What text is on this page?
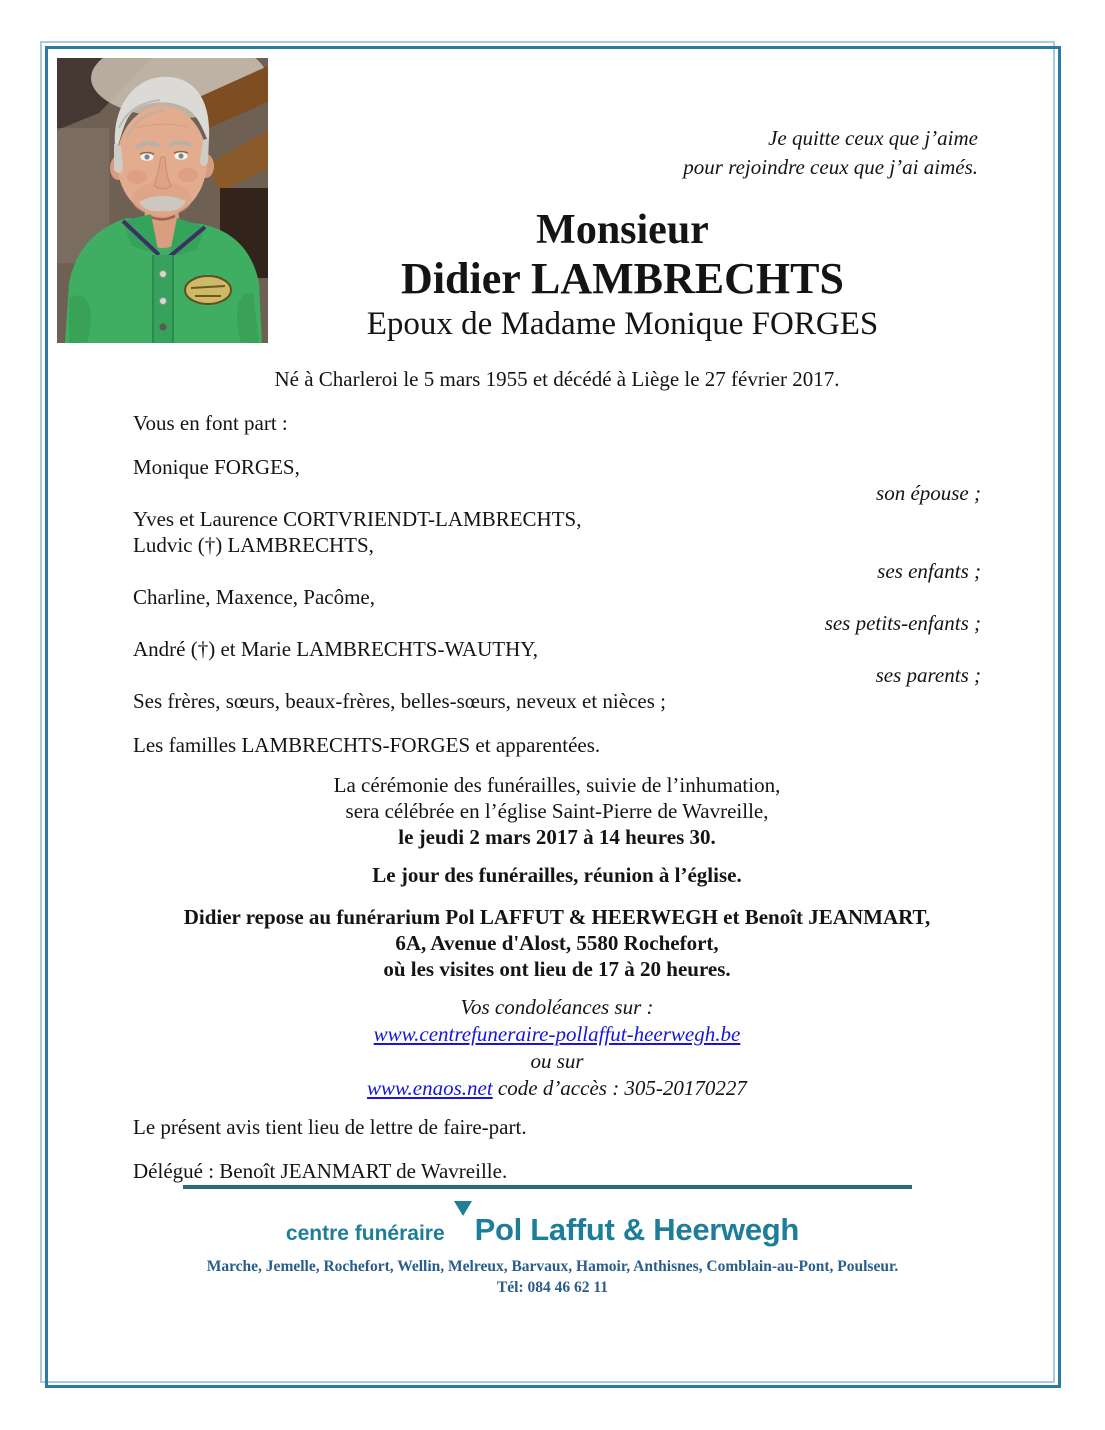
Je quitte ceux que j’aime
pour rejoindre ceux que j’ai aimés.
Monsieur
Didier LAMBRECHTS
Epoux de Madame Monique FORGES
Né à Charleroi le 5 mars 1955 et décédé à Liège le 27 février 2017.
Vous en font part :
Monique FORGES,
son épouse ;
Yves et Laurence CORTVRIENDT-LAMBRECHTS,
Ludvic (†) LAMBRECHTS,
ses enfants ;
Charline, Maxence, Pacôme,
ses petits-enfants ;
André (†) et Marie LAMBRECHTS-WAUTHY,
ses parents ;
Ses frères, sœurs, beaux-frères, belles-sœurs, neveux et nièces ;
Les familles LAMBRECHTS-FORGES et apparentées.
La cérémonie des funérailles, suivie de l’inhumation,
sera célébrée en l’église Saint-Pierre de Wavreille,
le jeudi 2 mars 2017 à 14 heures 30.
Le jour des funérailles, réunion à l’église.
Didier repose au funérarium Pol LAFFUT & HEERWEGH et Benoît JEANMART,
6A, Avenue d'Alost, 5580 Rochefort,
où les visites ont lieu de 17 à 20 heures.
Vos condoléances sur :
www.centrefuneraire-pollaffut-heerwegh.be
ou sur
www.enaos.net code d’accès : 305-20170227
Le présent avis tient lieu de lettre de faire-part.
Délégué : Benoît JEANMART de Wavreille.
centre funéraire Pol Laffut & Heerwegh
Marche, Jemelle, Rochefort, Wellin, Melreux, Barvaux, Hamoir, Anthisnes, Comblain-au-Pont, Poulseur.
Tél: 084 46 62 11
